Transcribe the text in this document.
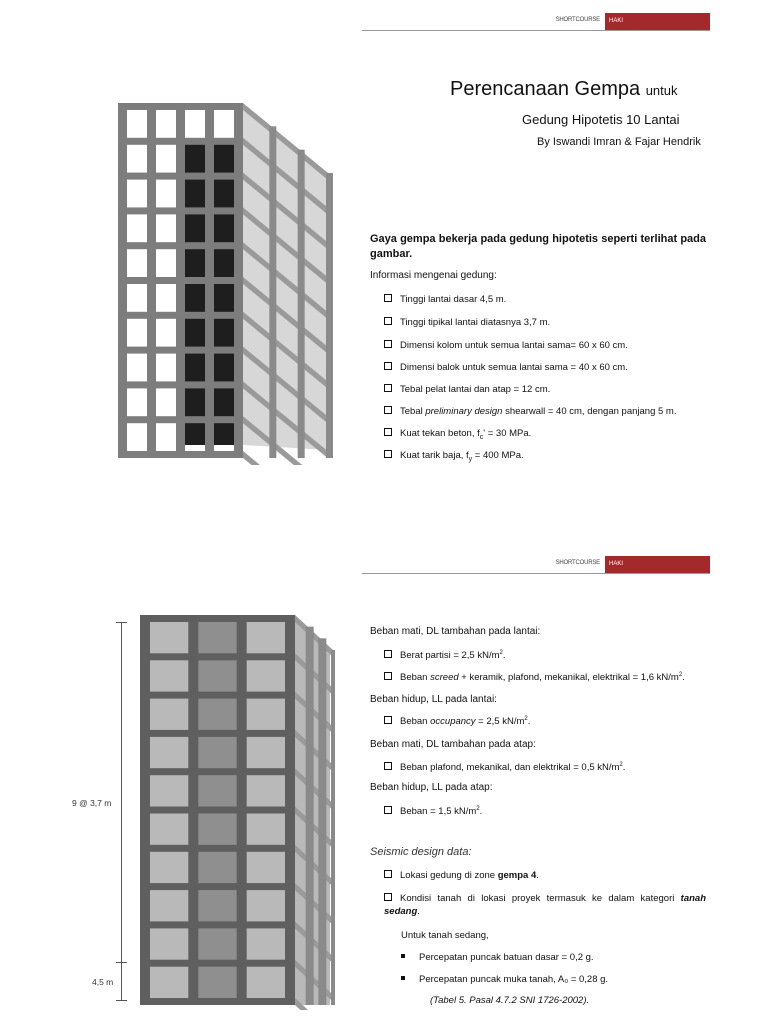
SHORTCOURSE	HAKI
Perencanaan Gempa untuk
Gedung Hipotetis 10 Lantai
By Iswandi Imran & Fajar Hendrik
Gaya gempa bekerja pada gedung hipotetis seperti terlihat pada gambar.
Informasi mengenai gedung:
Tinggi lantai dasar 4,5 m.
Tinggi tipikal lantai diatasnya 3,7 m.
Dimensi kolom untuk semua lantai sama= 60 x 60 cm.
Dimensi balok untuk semua lantai sama = 40 x 60 cm.
Tebal pelat lantai dan atap = 12 cm.
Tebal preliminary design shearwall = 40 cm, dengan panjang 5 m.
Kuat tekan beton, $f_c' = 30$ MPa.
Kuat tarik baja, $f_y = 400$ MPa.
SHORTCOURSE	HAKI
9 @ 3,7 m
4,5 m
Beban mati, DL tambahan pada lantai:
Berat partisi = 2,5 $kN/m^2$.
Beban screed + keramik, plafond, mekanikal, elektrikal = 1,6 $kN/m^2$.
Beban hidup, LL pada lantai:
Beban occupancy = 2,5 $kN/m^2$.
Beban mati, DL tambahan pada atap:
Beban plafond, mekanikal, dan elektrikal = 0,5 $kN/m^2$.
Beban hidup, LL pada atap:
Beban = 1,5 $kN/m^2$.
Seismic design data:
Lokasi gedung di zone gempa 4.
Kondisi tanah di lokasi proyek termasuk ke dalam kategori tanah sedang.
Untuk tanah sedang,
Percepatan puncak batuan dasar = 0,2 g.
Percepatan puncak muka tanah, A₀ = 0,28 g.
(Tabel 5. Pasal 4.7.2 SNI 1726-2002).
